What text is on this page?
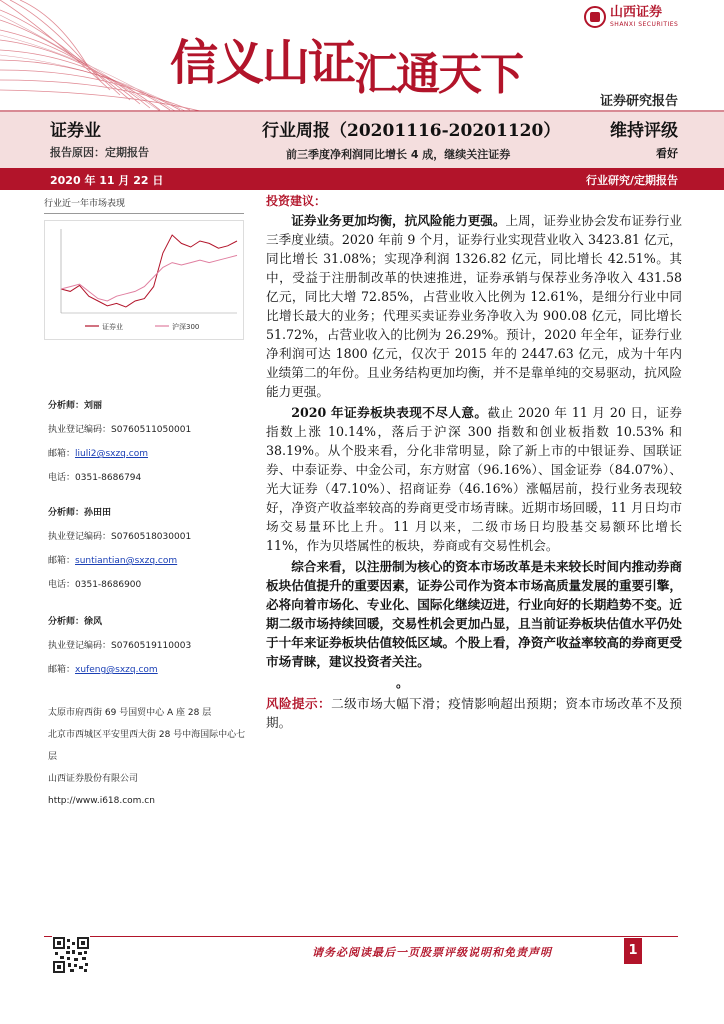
信义山证汇通天下
山西证券
SHANXI SECURITIES
证券研究报告
证券业
报告原因：定期报告
行业周报（20201116-20201120）
前三季度净利润同比增长 4 成，继续关注证券
维持评级
看好
2020 年 11 月 22 日	行业研究/定期报告
行业近一年市场表现
证券业	沪深300
分析师：刘丽
执业登记编码：S0760511050001
邮箱：liuli2@sxzq.com
电话：0351-8686794
分析师：孙田田
执业登记编码：S0760518030001
邮箱：suntiantian@sxzq.com
电话：0351-8686900
分析师：徐风
执业登记编码：S0760519110003
邮箱：xufeng@sxzq.com
太原市府西街 69 号国贸中心 A 座 28 层
北京市西城区平安里西大街 28 号中海国际中心七层
山西证券股份有限公司
http://www.i618.com.cn
投资建议：

证券业务更加均衡，抗风险能力更强。上周，证券业协会发布证券行业三季度业绩。2020 年前 9 个月，证券行业实现营业收入 3423.81 亿元，同比增长 31.08%；实现净利润 1326.82 亿元，同比增长 42.51%。其中，受益于注册制改革的快速推进，证券承销与保荐业务净收入 431.58 亿元，同比大增 72.85%，占营业收入比例为 12.61%，是细分行业中同比增长最大的业务；代理买卖证券业务净收入为 900.08 亿元，同比增长 51.72%，占营业收入的比例为 26.29%。预计，2020 年全年，证券行业净利润可达 1800 亿元，仅次于 2015 年的 2447.63 亿元，成为十年内业绩第二的年份。且业务结构更加均衡，并不是靠单纯的交易驱动，抗风险能力更强。

2020 年证券板块表现不尽人意。截止 2020 年 11 月 20 日，证券指数上涨 10.14%，落后于沪深 300 指数和创业板指数 10.53% 和 38.19%。从个股来看，分化非常明显，除了新上市的中银证券、国联证券、中泰证券、中金公司，东方财富（96.16%）、国金证券（84.07%）、光大证券（47.10%）、招商证券（46.16%）涨幅居前，投行业务表现较好，净资产收益率较高的券商更受市场青睐。近期市场回暖，11 月日均市场交易量环比上升。11 月以来，二级市场日均股基交易额环比增长 11%，作为贝塔属性的板块，券商或有交易性机会。

综合来看，以注册制为核心的资本市场改革是未来较长时间内推动券商板块估值提升的重要因素，证券公司作为资本市场高质量发展的重要引擎，必将向着市场化、专业化、国际化继续迈进，行业向好的长期趋势不变。近期二级市场持续回暖，交易性机会更加凸显，且当前证券板块估值水平仍处于十年来证券板块估值较低区域。个股上看，净资产收益率较高的券商更受市场青睐，建议投资者关注。

。

风险提示：二级市场大幅下滑；疫情影响超出预期；资本市场改革不及预期。

请务必阅读最后一页股票评级说明和免责声明	1
